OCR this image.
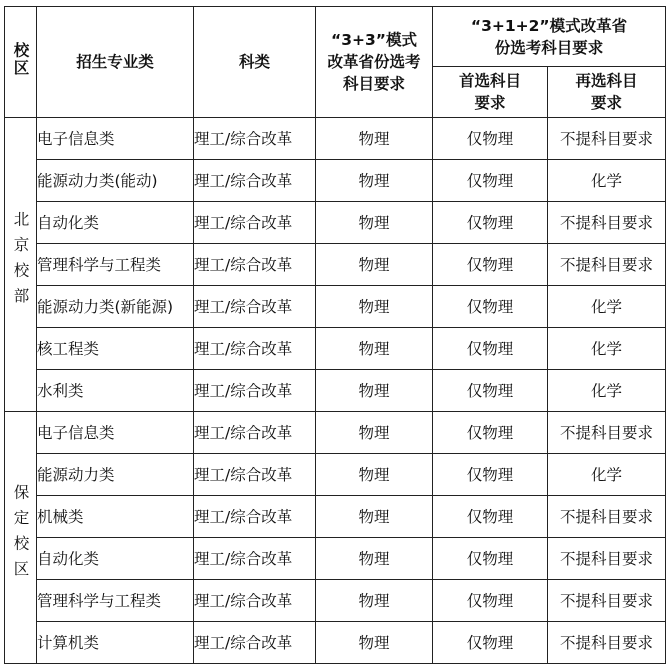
校区	招生专业类	科类	“3+3”模式改革省份选考科目要求	“3+1+2”模式改革省份选考科目要求	
				首选科目要求	再选科目要求
北京校部	电子信息类	理工/综合改革	物理	仅物理	不提科目要求
	能源动力类(能动)	理工/综合改革	物理	仅物理	化学
	自动化类	理工/综合改革	物理	仅物理	不提科目要求
	管理科学与工程类	理工/综合改革	物理	仅物理	不提科目要求
	能源动力类(新能源)	理工/综合改革	物理	仅物理	化学
	核工程类	理工/综合改革	物理	仅物理	化学
	水利类	理工/综合改革	物理	仅物理	化学
保定校区	电子信息类	理工/综合改革	物理	仅物理	不提科目要求
	能源动力类	理工/综合改革	物理	仅物理	化学
	机械类	理工/综合改革	物理	仅物理	不提科目要求
	自动化类	理工/综合改革	物理	仅物理	不提科目要求
	管理科学与工程类	理工/综合改革	物理	仅物理	不提科目要求
	计算机类	理工/综合改革	物理	仅物理	不提科目要求
